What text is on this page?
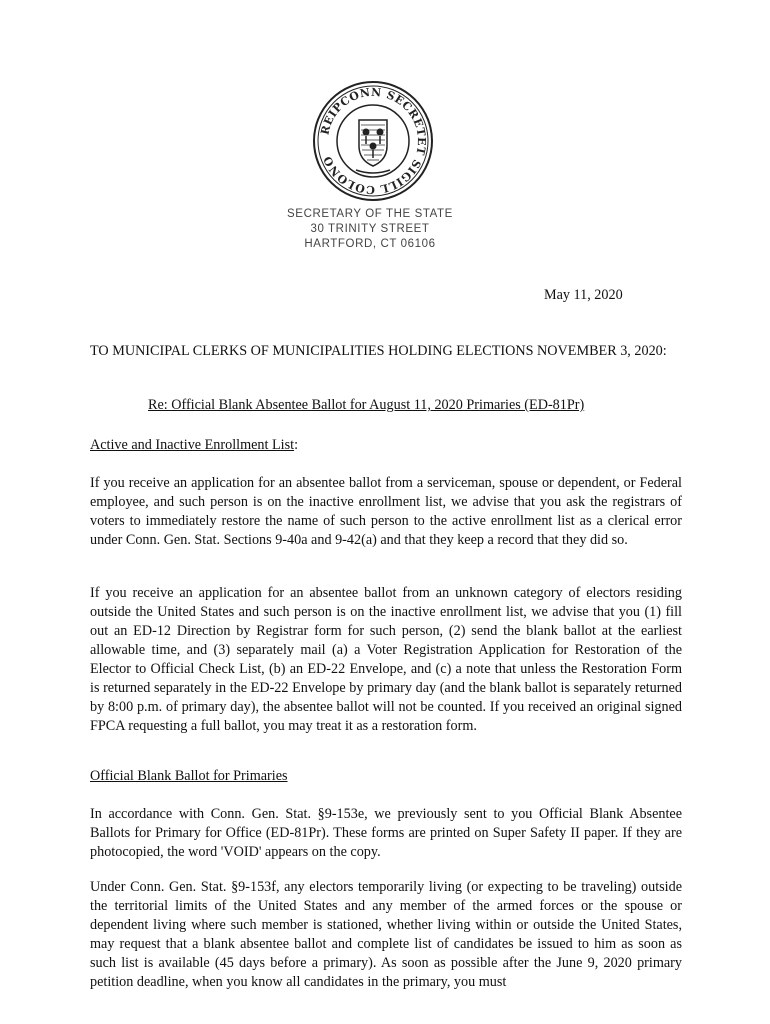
REIPCONN SECRETET SIGILL COLONO
SECRETARY OF THE STATE
30 TRINITY STREET
HARTFORD, CT 06106
May 11, 2020
TO MUNICIPAL CLERKS OF MUNICIPALITIES HOLDING ELECTIONS NOVEMBER 3, 2020:
Re: Official Blank Absentee Ballot for August 11, 2020 Primaries (ED-81Pr)
Active and Inactive Enrollment List:
If you receive an application for an absentee ballot from a serviceman, spouse or dependent, or Federal employee, and such person is on the inactive enrollment list, we advise that you ask the registrars of voters to immediately restore the name of such person to the active enrollment list as a clerical error under Conn. Gen. Stat. Sections 9-40a and 9-42(a) and that they keep a record that they did so.
If you receive an application for an absentee ballot from an unknown category of electors residing outside the United States and such person is on the inactive enrollment list, we advise that you (1) fill out an ED-12 Direction by Registrar form for such person, (2) send the blank ballot at the earliest allowable time, and (3) separately mail (a) a Voter Registration Application for Restoration of the Elector to Official Check List, (b) an ED-22 Envelope, and (c) a note that unless the Restoration Form is returned separately in the ED-22 Envelope by primary day (and the blank ballot is separately returned by 8:00 p.m. of primary day), the absentee ballot will not be counted. If you received an original signed FPCA requesting a full ballot, you may treat it as a restoration form.
Official Blank Ballot for Primaries
In accordance with Conn. Gen. Stat. §9-153e, we previously sent to you Official Blank Absentee Ballots for Primary for Office (ED-81Pr). These forms are printed on Super Safety II paper. If they are photocopied, the word 'VOID' appears on the copy.
Under Conn. Gen. Stat. §9-153f, any electors temporarily living (or expecting to be traveling) outside the territorial limits of the United States and any member of the armed forces or the spouse or dependent living where such member is stationed, whether living within or outside the United States, may request that a blank absentee ballot and complete list of candidates be issued to him as soon as such list is available (45 days before a primary). As soon as possible after the June 9, 2020 primary petition deadline, when you know all candidates in the primary, you must
